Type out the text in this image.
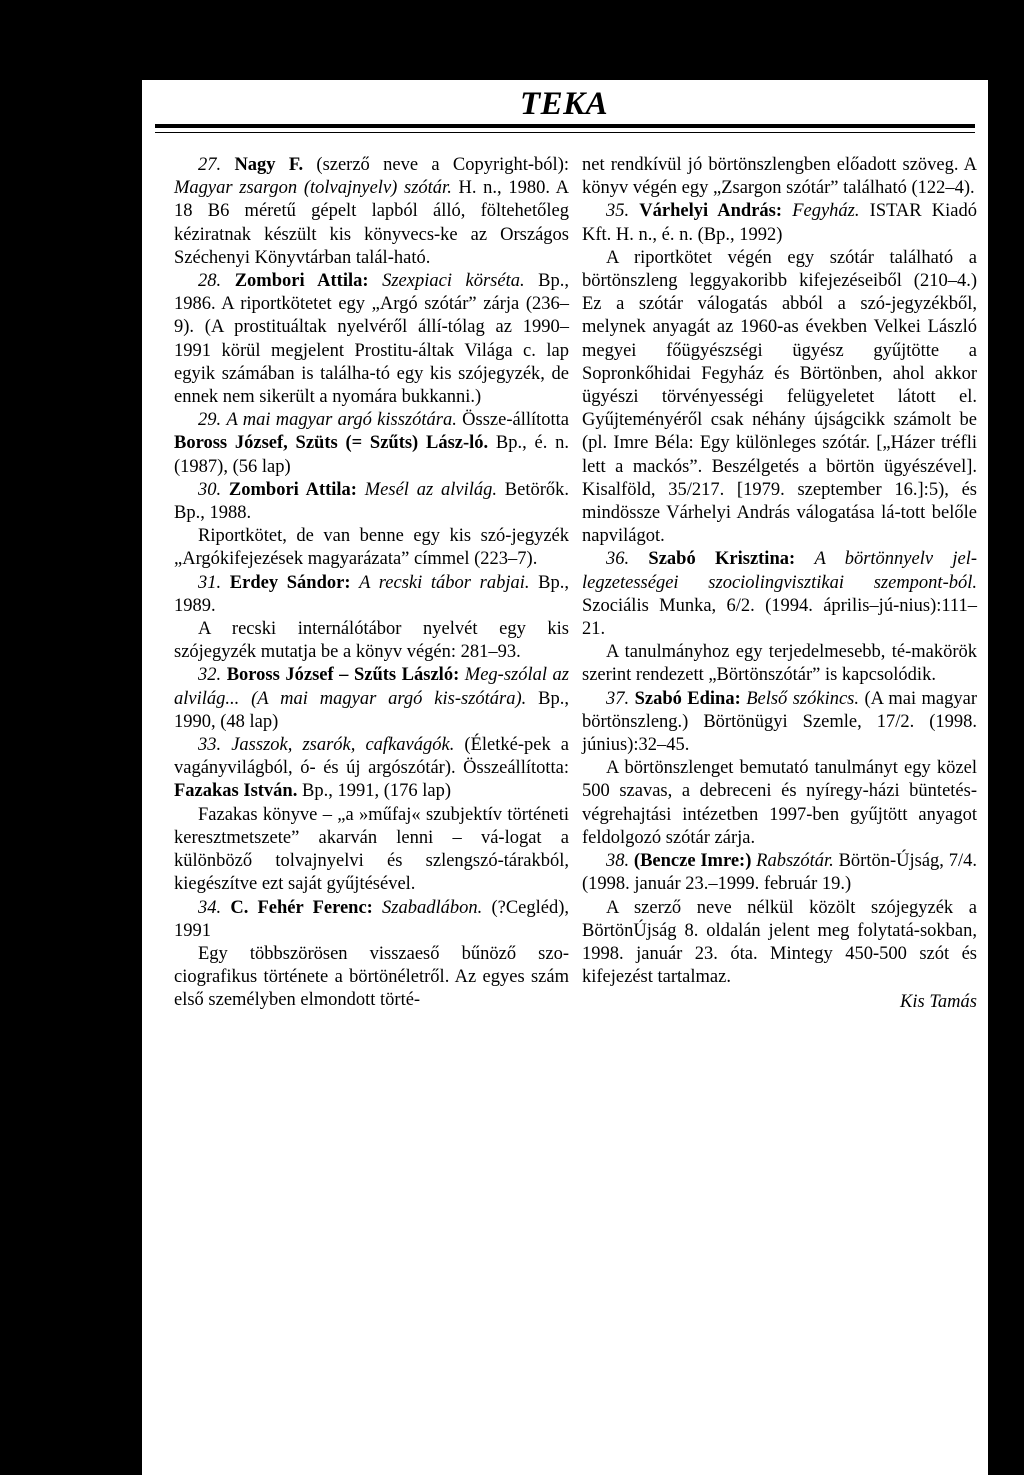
TEKA

27. Nagy F. (szerző neve a Copyright-ból): Magyar zsargon (tolvajnyelv) szótár. H. n., 1980. A 18 B6 méretű gépelt lapból álló, föltehetőleg kéziratnak készült kis könyvecs-ke az Országos Széchenyi Könyvtárban talál-ható.

28. Zombori Attila: Szexpiaci körséta. Bp., 1986. A riportkötetet egy „Argó szótár” zárja (236–9). (A prostituáltak nyelvéről állí-tólag az 1990–1991 körül megjelent Prostitu-áltak Világa c. lap egyik számában is találha-tó egy kis szójegyzék, de ennek nem sikerült a nyomára bukkanni.)

29. A mai magyar argó kisszótára. Össze-állította Boross József, Szüts (= Szűts) Lász-ló. Bp., é. n. (1987), (56 lap)

30. Zombori Attila: Mesél az alvilág. Betörők. Bp., 1988.

Riportkötet, de van benne egy kis szó-jegyzék „Argókifejezések magyarázata” címmel (223–7).

31. Erdey Sándor: A recski tábor rabjai. Bp., 1989.

A recski internálótábor nyelvét egy kis szójegyzék mutatja be a könyv végén: 281–93.

32. Boross József – Szűts László: Meg-szólal az alvilág... (A mai magyar argó kis-szótára). Bp., 1990, (48 lap)

33. Jasszok, zsarók, cafkavágók. (Életké-pek a vagányvilágból, ó- és új argószótár). Összeállította: Fazakas István. Bp., 1991, (176 lap)

Fazakas könyve – „a »műfaj« szubjektív történeti keresztmetszete” akarván lenni – vá-logat a különböző tolvajnyelvi és szlengszó-tárakból, kiegészítve ezt saját gyűjtésével.

34. C. Fehér Ferenc: Szabadlábon. (?Cegléd), 1991

Egy többszörösen visszaeső bűnöző szo-ciografikus története a börtönéletről. Az egyes szám első személyben elmondott törté-

net rendkívül jó börtönszlengben előadott szöveg. A könyv végén egy „Zsargon szótár” található (122–4).

35. Várhelyi András: Fegyház. ISTAR Kiadó Kft. H. n., é. n. (Bp., 1992)

A riportkötet végén egy szótár található a börtönszleng leggyakoribb kifejezéseiből (210–4.) Ez a szótár válogatás abból a szó-jegyzékből, melynek anyagát az 1960-as években Velkei László megyei főügyészségi ügyész gyűjtötte a Sopronkőhidai Fegyház és Börtönben, ahol akkor ügyészi törvényességi felügyeletet látott el. Gyűjteményéről csak néhány újságcikk számolt be (pl. Imre Béla: Egy különleges szótár. [„Házer tréfli lett a mackós”. Beszélgetés a börtön ügyészével]. Kisalföld, 35/217. [1979. szeptember 16.]:5), és mindössze Várhelyi András válogatása lá-tott belőle napvilágot.

36. Szabó Krisztina: A börtönnyelv jel-legzetességei szociolingvisztikai szempont-ból. Szociális Munka, 6/2. (1994. április–jú-nius):111–21.

A tanulmányhoz egy terjedelmesebb, té-makörök szerint rendezett „Börtönszótár” is kapcsolódik.

37. Szabó Edina: Belső szókincs. (A mai magyar börtönszleng.) Börtönügyi Szemle, 17/2. (1998. június):32–45.

A börtönszlenget bemutató tanulmányt egy közel 500 szavas, a debreceni és nyíregy-házi büntetés-végrehajtási intézetben 1997-ben gyűjtött anyagot feldolgozó szótár zárja.

38. (Bencze Imre:) Rabszótár. Börtön-Újság, 7/4. (1998. január 23.–1999. február 19.)

A szerző neve nélkül közölt szójegyzék a BörtönÚjság 8. oldalán jelent meg folytatá-sokban, 1998. január 23. óta. Mintegy 450-500 szót és kifejezést tartalmaz.

Kis Tamás
